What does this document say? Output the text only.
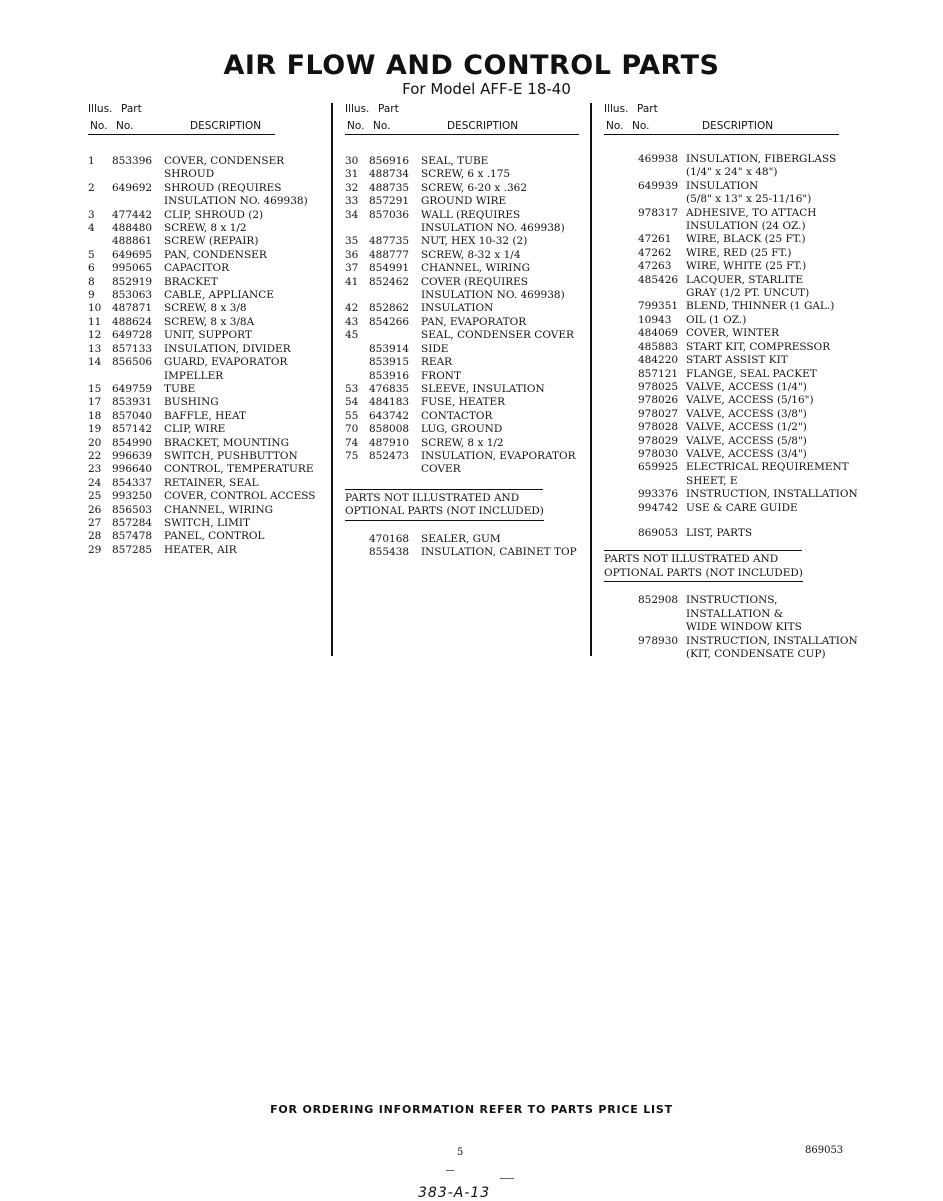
AIR FLOW AND CONTROL PARTS
For Model AFF-E 18-40
Illus. Part
No. No.	DESCRIPTION
1	853396	COVER, CONDENSER
SHROUD
2	649692	SHROUD (REQUIRES
INSULATION NO. 469938)
3	477442	CLIP, SHROUD (2)
4	488480	SCREW, 8 x 1/2
488861	SCREW (REPAIR)
5	649695	PAN, CONDENSER
6	995065	CAPACITOR
8	852919	BRACKET
9	853063	CABLE, APPLIANCE
10	487871	SCREW, 8 x 3/8
11	488624	SCREW, 8 x 3/8A
12	649728	UNIT, SUPPORT
13	857133	INSULATION, DIVIDER
14	856506	GUARD, EVAPORATOR
IMPELLER
15	649759	TUBE
17	853931	BUSHING
18	857040	BAFFLE, HEAT
19	857142	CLIP, WIRE
20	854990	BRACKET, MOUNTING
22	996639	SWITCH, PUSHBUTTON
23	996640	CONTROL, TEMPERATURE
24	854337	RETAINER, SEAL
25	993250	COVER, CONTROL ACCESS
26	856503	CHANNEL, WIRING
27	857284	SWITCH, LIMIT
28	857478	PANEL, CONTROL
29	857285	HEATER, AIR
Illus. Part
No. No.	DESCRIPTION
30	856916	SEAL, TUBE
31	488734	SCREW, 6 x .175
32	488735	SCREW, 6-20 x .362
33	857291	GROUND WIRE
34	857036	WALL (REQUIRES
INSULATION NO. 469938)
35	487735	NUT, HEX 10-32 (2)
36	488777	SCREW, 8-32 x 1/4
37	854991	CHANNEL, WIRING
41	852462	COVER (REQUIRES
INSULATION NO. 469938)
42	852862	INSULATION
43	854266	PAN, EVAPORATOR
45	SEAL, CONDENSER COVER
853914	SIDE
853915	REAR
853916	FRONT
53	476835	SLEEVE, INSULATION
54	484183	FUSE, HEATER
55	643742	CONTACTOR
70	858008	LUG, GROUND
74	487910	SCREW, 8 x 1/2
75	852473	INSULATION, EVAPORATOR
COVER
PARTS NOT ILLUSTRATED AND
OPTIONAL PARTS (NOT INCLUDED)
470168	SEALER, GUM
855438	INSULATION, CABINET TOP
Illus. Part
No. No.	DESCRIPTION
469938 INSULATION, FIBERGLASS
(1/4" x 24" x 48")
649939 INSULATION
(5/8" x 13" x 25-11/16")
978317 ADHESIVE, TO ATTACH
INSULATION (24 OZ.)
47261	WIRE, BLACK (25 FT.)
47262	WIRE, RED (25 FT.)
47263	WIRE, WHITE (25 FT.)
485426 LACQUER, STARLITE
GRAY (1/2 PT. UNCUT)
799351 BLEND, THINNER (1 GAL.)
10943	OIL (1 OZ.)
484069 COVER, WINTER
485883 START KIT, COMPRESSOR
484220 START ASSIST KIT
857121 FLANGE, SEAL PACKET
978025 VALVE, ACCESS (1/4")
978026 VALVE, ACCESS (5/16")
978027 VALVE, ACCESS (3/8")
978028 VALVE, ACCESS (1/2")
978029 VALVE, ACCESS (5/8")
978030 VALVE, ACCESS (3/4")
659925 ELECTRICAL REQUIREMENT
SHEET, E
993376 INSTRUCTION, INSTALLATION
994742 USE & CARE GUIDE
869053 LIST, PARTS
PARTS NOT ILLUSTRATED AND
OPTIONAL PARTS (NOT INCLUDED)
852908 INSTRUCTIONS,
INSTALLATION &
WIDE WINDOW KITS
978930 INSTRUCTION, INSTALLATION
(KIT, CONDENSATE CUP)
FOR ORDERING INFORMATION REFER TO PARTS PRICE LIST
5	869053
383-A-13
